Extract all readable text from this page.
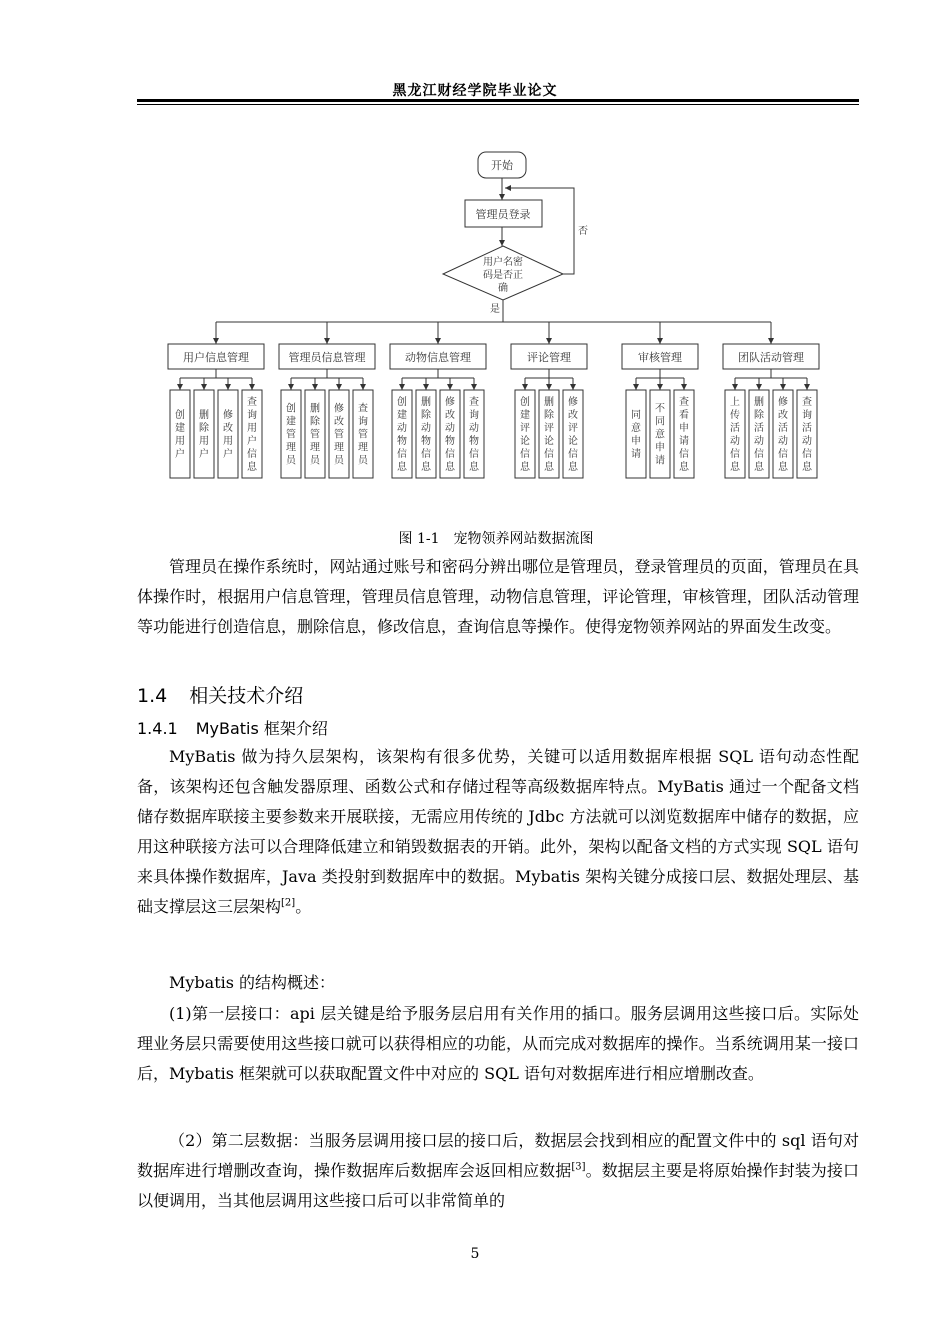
黑龙江财经学院毕业论文
开始
管理员登录
用户名密
码是否正
确
否
是
用户信息管理
创建用户
删除用户
修改用户
查询用户信息
管理员信息管理
创建管理员
删除管理员
修改管理员
查询管理员
动物信息管理
创建动物信息
删除动物信息
修改动物信息
查询动物信息
评论管理
创建评论信息
删除评论信息
修改评论信息
审核管理
同意申请
不同意申请
查看申请信息
团队活动管理
上传活动信息
删除活动信息
修改活动信息
查询活动信息
图 1-1　宠物领养网站数据流图

管理员在操作系统时，网站通过账号和密码分辨出哪位是管理员，登录管理员的页面，管理员在具体操作时，根据用户信息管理，管理员信息管理，动物信息管理，评论管理，审核管理，团队活动管理等功能进行创造信息，删除信息，修改信息，查询信息等操作。使得宠物领养网站的界面发生改变。

1.4 相关技术介绍
1.4.1 MyBatis 框架介绍

MyBatis 做为持久层架构，该架构有很多优势，关键可以适用数据库根据 SQL 语句动态性配备，该架构还包含触发器原理、函数公式和存储过程等高级数据库特点。MyBatis 通过一个配备文档储存数据库联接主要参数来开展联接，无需应用传统的 Jdbc 方法就可以浏览数据库中储存的数据，应用这种联接方法可以合理降低建立和销毁数据表的开销。此外，架构以配备文档的方式实现 SQL 语句来具体操作数据库，Java 类投射到数据库中的数据。Mybatis 架构关键分成接口层、数据处理层、基础支撑层这三层架构[2]。

Mybatis 的结构概述：

(1)第一层接口：api 层关键是给予服务层启用有关作用的插口。服务层调用这些接口后。实际处理业务层只需要使用这些接口就可以获得相应的功能，从而完成对数据库的操作。当系统调用某一接口后，Mybatis 框架就可以获取配置文件中对应的 SQL 语句对数据库进行相应增删改查。

（2）第二层数据：当服务层调用接口层的接口后，数据层会找到相应的配置文件中的 sql 语句对数据库进行增删改查询，操作数据库后数据库会返回相应数据[3]。数据层主要是将原始操作封装为接口以便调用，当其他层调用这些接口后可以非常简单的

5
